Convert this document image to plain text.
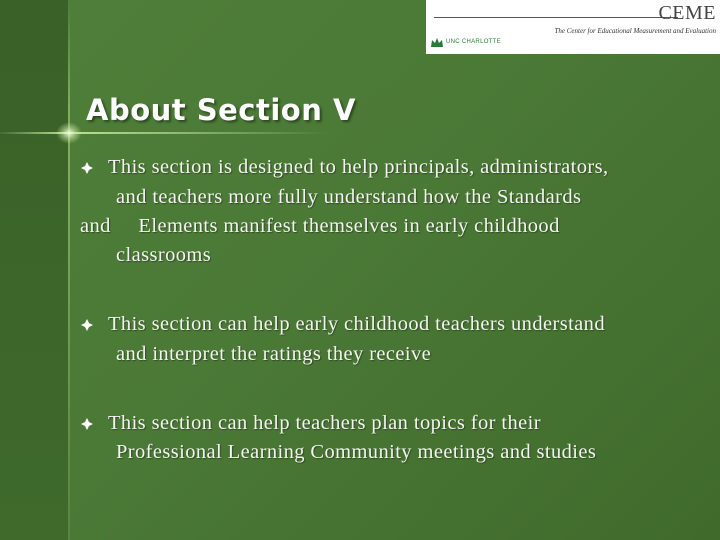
CEME
The Center for Educational Measurement and Evaluation
UNC CHARLOTTE
About Section V
This section is designed to help principals, administrators,
and teachers more fully understand how the Standards
and     Elements manifest themselves in early childhood
classrooms
This section can help early childhood teachers understand
and interpret the ratings they receive
This section can help teachers plan topics for their
Professional Learning Community meetings and studies
